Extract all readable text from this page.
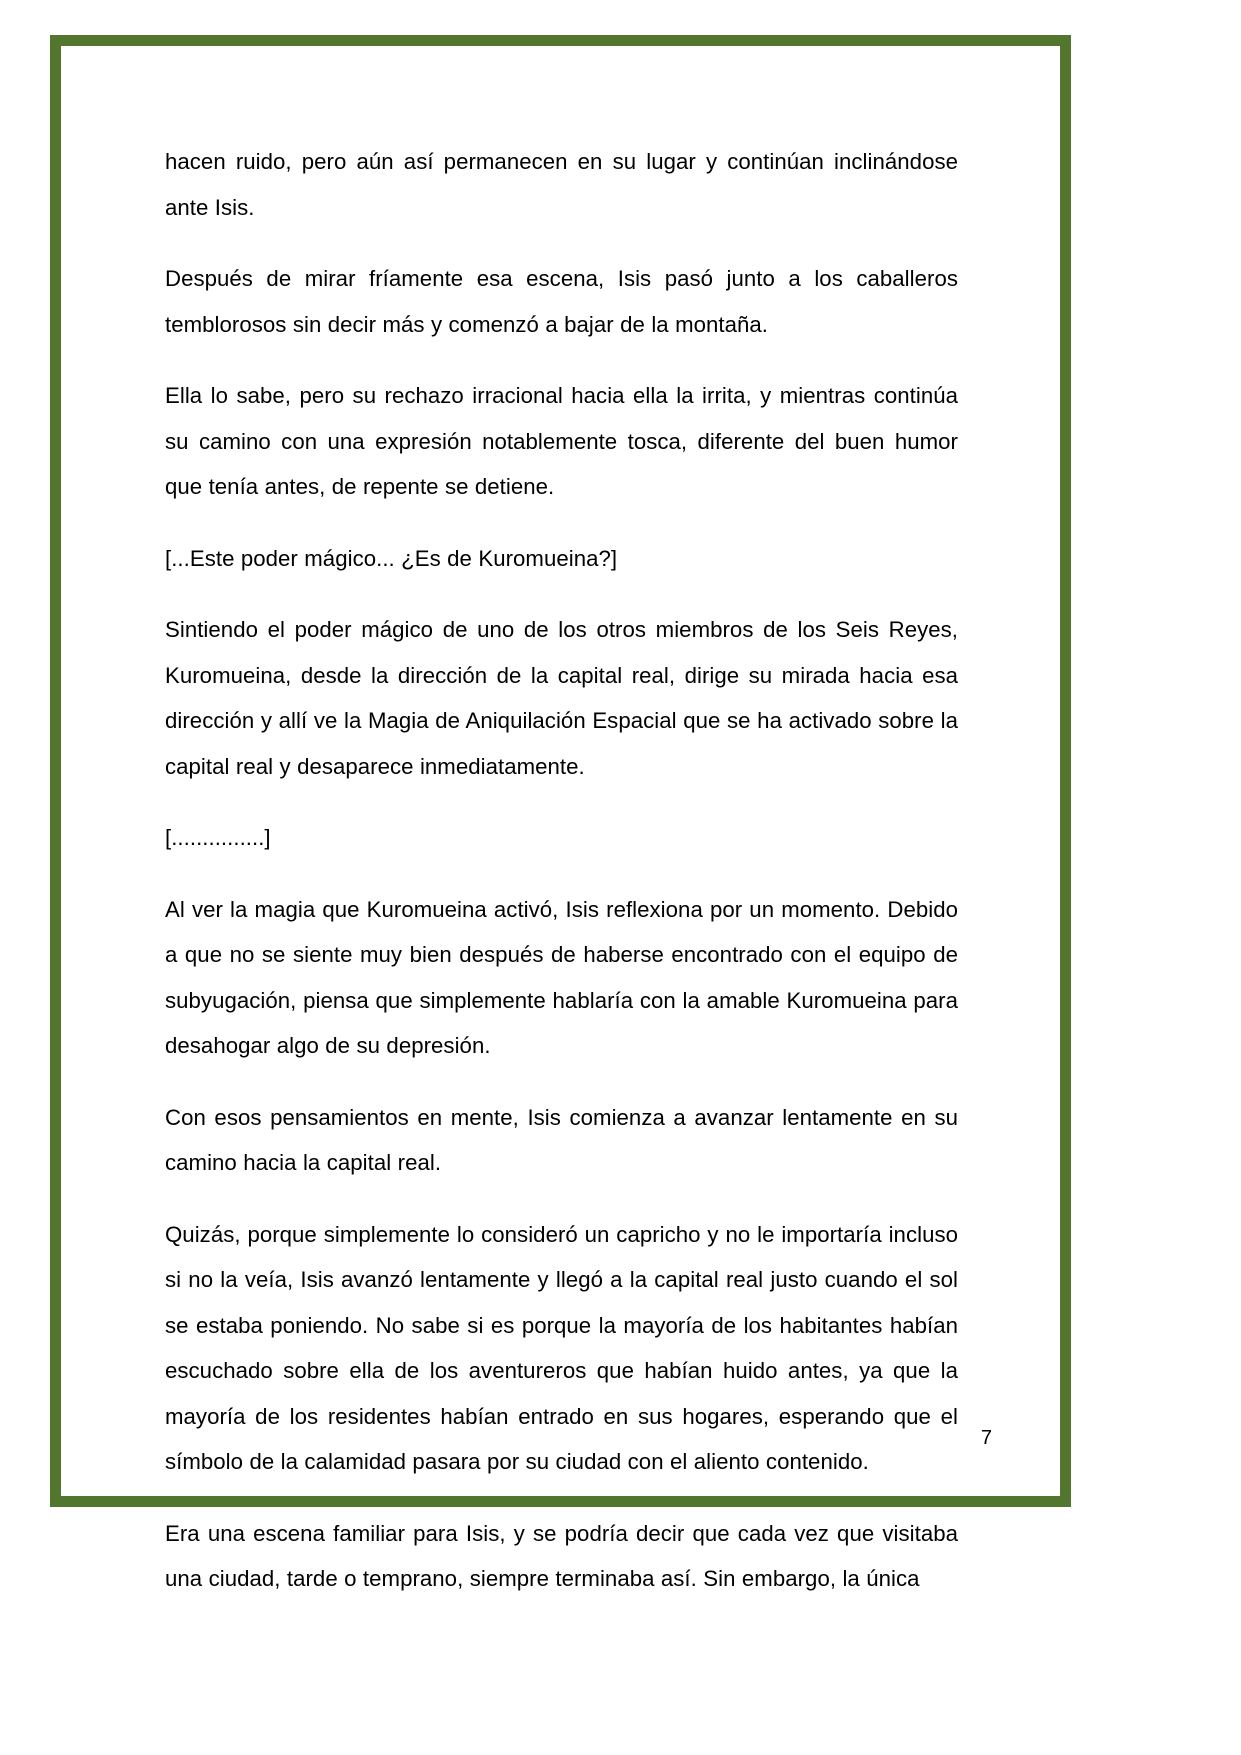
hacen ruido, pero aún así permanecen en su lugar y continúan inclinándose ante Isis.

Después de mirar fríamente esa escena, Isis pasó junto a los caballeros temblorosos sin decir más y comenzó a bajar de la montaña.

Ella lo sabe, pero su rechazo irracional hacia ella la irrita, y mientras continúa su camino con una expresión notablemente tosca, diferente del buen humor que tenía antes, de repente se detiene.

[...Este poder mágico... ¿Es de Kuromueina?]

Sintiendo el poder mágico de uno de los otros miembros de los Seis Reyes, Kuromueina, desde la dirección de la capital real, dirige su mirada hacia esa dirección y allí ve la Magia de Aniquilación Espacial que se ha activado sobre la capital real y desaparece inmediatamente.

[...............]

Al ver la magia que Kuromueina activó, Isis reflexiona por un momento. Debido a que no se siente muy bien después de haberse encontrado con el equipo de subyugación, piensa que simplemente hablaría con la amable Kuromueina para desahogar algo de su depresión.

Con esos pensamientos en mente, Isis comienza a avanzar lentamente en su camino hacia la capital real.

Quizás, porque simplemente lo consideró un capricho y no le importaría incluso si no la veía, Isis avanzó lentamente y llegó a la capital real justo cuando el sol se estaba poniendo. No sabe si es porque la mayoría de los habitantes habían escuchado sobre ella de los aventureros que habían huido antes, ya que la mayoría de los residentes habían entrado en sus hogares, esperando que el símbolo de la calamidad pasara por su ciudad con el aliento contenido.

Era una escena familiar para Isis, y se podría decir que cada vez que visitaba una ciudad, tarde o temprano, siempre terminaba así. Sin embargo, la única

7
